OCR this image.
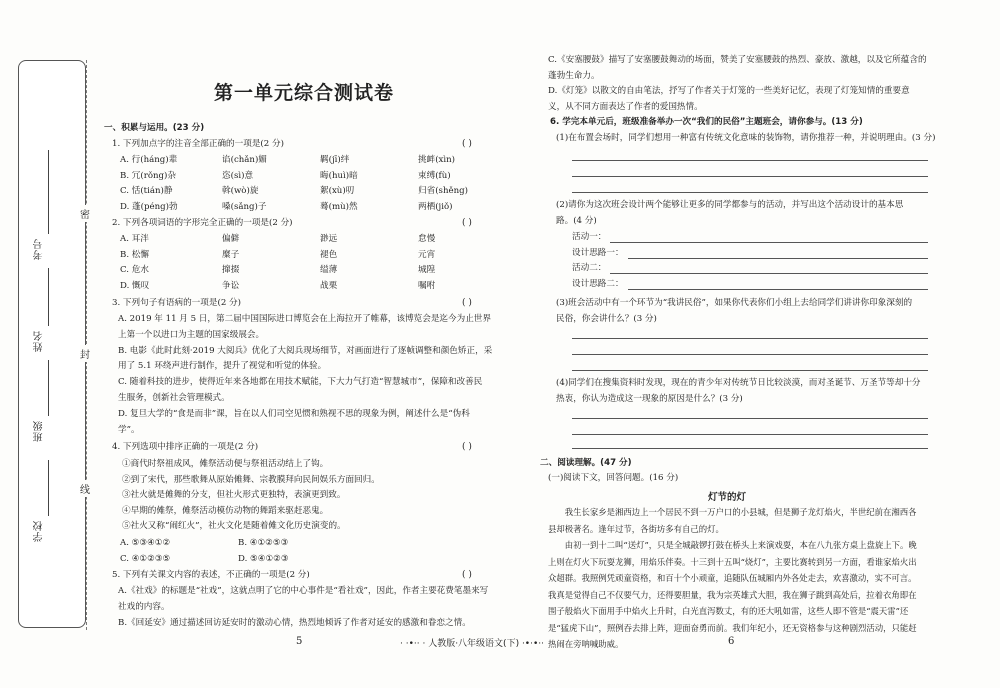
学校
班级
姓名
考号
密
封
线
第一单元综合测试卷
一、积累与运用。(23 分)
1. 下列加点字的注音全部正确的一项是(2 分)	( )
A. 行(háng)辈	谄(chǎn)媚	羁(jī)绊	挑衅(xìn)
B. 冗(rǒng)杂	恣(sì)意	晦(huì)暗	束缚(fù)
C. 恬(tián)静	斡(wò)旋	絮(xù)叨	归省(shěng)
D. 蓬(péng)勃	嗓(sǎng)子	蓦(mù)然	两栖(jiǒ)
2. 下列各项词语的字形完全正确的一项是(2 分)	( )
A. 耳泮	偏僻	渺远	怠慢
B. 松懈	糜子	褪色	元宵
C. 危水	撺掇	缢薄	城隍
D. 慨叹	争讼	战栗	嘱咐
3. 下列句子有语病的一项是(2 分)	( )
A. 2019 年 11 月 5 日，第二届中国国际进口博览会在上海拉开了帷幕，该博览会是迄今为止世界
上第一个以进口为主题的国家级展会。
B. 电影《此时此刻·2019 大阅兵》优化了大阅兵现场细节，对画面进行了逐帧调整和颜色矫正，采
用了 5.1 环绕声进行制作，提升了视觉和听觉的体验。
C. 随着科技的进步，使得近年来各地都在用技术赋能，下大力气打造“智慧城市”，保障和改善民
生服务，创新社会管理模式。
D. 复旦大学的“食是而非”课，旨在以人们司空见惯和熟视不思的现象为例，阐述什么是“伪科
学”。
4. 下列选项中排序正确的一项是(2 分)	( )
①商代时祭祖成风，傩祭活动便与祭祖活动结上了钩。
②到了宋代，那些歌舞从原始傩舞、宗教膜拜向民间娱乐方面回归。
③社火就是傩舞的分支，但社火形式更独特，表演更到致。
④早期的傩祭，傩祭活动模仿动物的舞蹈来驱赶恶鬼。
⑤社火又称“闹红火”，社火文化是随着傩文化历史演变的。
A. ⑤③④①②	B. ④①②⑤③
C. ④①②③⑤	D. ⑤④①②③
5. 下列有关课文内容的表述，不正确的一项是(2 分)	( )
A.《社戏》的标题是“社戏”，这就点明了它的中心事件是“看社戏”，因此，作者主要花费笔墨来写
社戏的内容。
B.《回延安》通过描述回访延安时的激动心情，热烈地倾诉了作者对延安的感激和眷恋之情。
C.《安塞腰鼓》描写了安塞腰鼓舞动的场面，赞美了安塞腰鼓的热烈、豪放、激越，以及它所蕴含的
蓬勃生命力。
D.《灯笼》以散文的自由笔法，抒写了作者关于灯笼的一些美好记忆，表现了灯笼知情的重要意
义，从不同方面表达了作者的爱国热情。
6. 学完本单元后，班级准备举办一次“我们的民俗”主题班会，请你参与。(13 分)
(1)在布置会场时，同学们想用一种富有传统文化意味的装饰物，请你推荐一种，并说明理由。(3 分)
(2)请你为这次班会设计两个能够让更多的同学都参与的活动，并写出这个活动设计的基本思
路。(4 分)
活动一：
设计思路一：
活动二：
设计思路二：
(3)班会活动中有一个环节为“我讲民俗”，如果你代表你们小组上去给同学们讲讲你印象深刻的
民俗，你会讲什么？(3 分)
(4)同学们在搜集资料时发现，现在的青少年对传统节日比较淡漠，而对圣诞节、万圣节等却十分
热衷，你认为造成这一现象的原因是什么？(3 分)
二、阅读理解。(47 分)
(一)阅读下文，回答问题。(16 分)
灯节的灯
我生长家乡是湘西边上一个居民不到一万户口的小县城，但是狮子龙灯焰火，半世纪前在湘西各县却极著名。逢年过节，各街坊多有自己的灯。
由初一到十二叫“送灯”，只是全城敲锣打鼓在桥头上来演戏耍，本在八九张方桌上盘旋上下。晚上则在灯火下玩耍龙狮，用焰乐伴奏。十三到十五叫“烧灯”，主要比赛转到另一方面，看谁家焰火出众超群。我照例凭顽童资格，和百十个小顽童，追随队伍城厢内外各处走去，欢喜激动，实不可言。我真是觉得自己不仅要气力，还得要胆量，我为宗英雄式大胆，我在狮子跳到高处后，拉着衣角即在围子般焰火下面用手中焰火上升时，白光直泻数丈，有的还大吼如雷，这些人即不管是“震天雷”还是“猛虎下山”，照例吞去排上阵，迎面奋勇而前。我们年纪小，还无资格参与这种剧烈活动，只能赶热闹在旁呐喊助威。
5	6
· ·•·· · 人教版·八年级语文(下) ·•·•··
